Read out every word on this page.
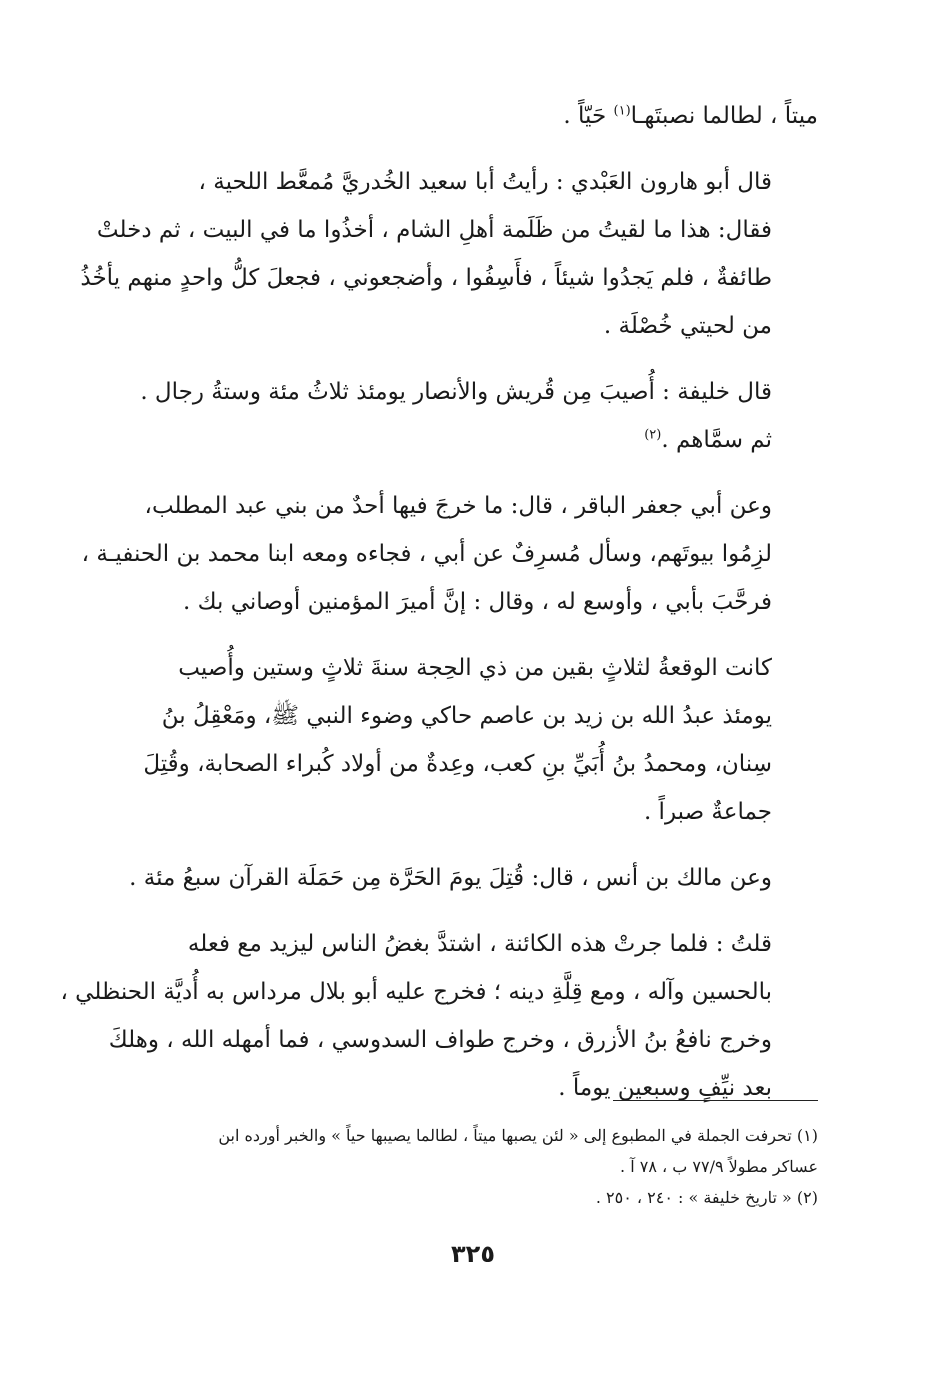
ميتاً ، لطالما نصبتَهـا$^{(١)}$ حَيّاً .

قال أبو هارون العَبْدي : رأيتُ أبا سعيد الخُدريَّ مُمعَّط اللحية ،
فقال: هذا ما لقيتُ من ظَلَمة أهلِ الشام ، أخذُوا ما في البيت ، ثم دخلتْ
طائفةٌ ، فلم يَجدُوا شيئاً ، فأَسِفُوا ، وأضجعوني ، فجعلَ كلُّ واحدٍ منهم يأخُذُ
من لحيتي خُصْلَة .

قال خليفة : أُصيبَ مِن قُريش والأنصار يومئذ ثلاثُ مئة وستةُ رجال .
ثم سمَّاهم .$^{(٢)}$

وعن أبي جعفر الباقر ، قال: ما خرجَ فيها أحدٌ من بني عبد المطلب،
لزِمُوا بيوتَهم، وسأل مُسرِفٌ عن أبي ، فجاءه ومعه ابنا محمد بن الحنفيـة ،
فرحَّبَ بأبي ، وأوسع له ، وقال : إنَّ أميرَ المؤمنين أوصاني بك .

كانت الوقعةُ لثلاثٍ بقين من ذي الحِجة سنةَ ثلاثٍ وستين وأُصيب
يومئذ عبدُ الله بن زيد بن عاصم حاكي وضوء النبي ﷺ، ومَعْقِلُ بنُ
سِنان، ومحمدُ بنُ أُبَيِّ بنِ كعب، وعِدةٌ من أولاد كُبراء الصحابة، وقُتِلَ
جماعةٌ صبراً .

وعن مالك بن أنس ، قال: قُتِلَ يومَ الحَرَّة مِن حَمَلَة القرآن سبعُ مئة .

قلتُ : فلما جرتْ هذه الكائنة ، اشتدَّ بغضُ الناس ليزيد مع فعله
بالحسين وآله ، ومع قِلَّةِ دينه ؛ فخرج عليه أبو بلال مرداس به أُديَّة الحنظلي ،
وخرج نافعُ بنُ الأزرق ، وخرج طواف السدوسي ، فما أمهله الله ، وهلكَ
بعد نيِّفٍ وسبعين يوماً .

(١) تحرفت الجملة في المطبوع إلى « لئن يصبها ميتاً ، لطالما يصيبها حياً » والخبر أورده ابن

عساكر مطولاً ٧٧/٩ ب ، ٧٨ آ .

(٢) « تاريخ خليفة » : ٢٤٠ ، ٢٥٠ .

٣٢٥
